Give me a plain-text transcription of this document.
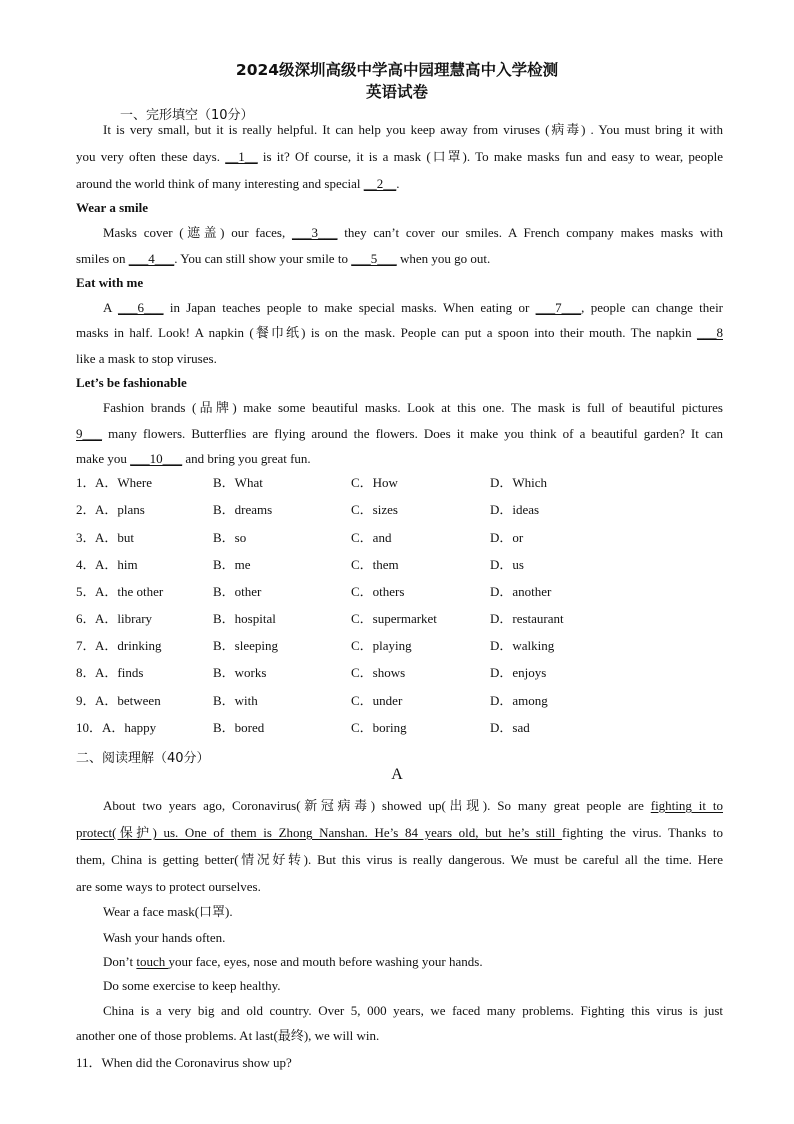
2024级深圳高级中学高中园理慧高中入学检测
英语试卷
一、完形填空（10分）
It is very small, but it is really helpful. It can help you keep away from viruses (病毒) . You must bring it with
you very often these days. __1__ is it? Of course, it is a mask (口罩). To make masks fun and easy to wear, people
around the world think of many interesting and special __2__.
Wear a smile
Masks cover (遮盖) our faces, ___3___ they can’t cover our smiles. A French company makes masks with
smiles on ___4___. You can still show your smile to ___5___ when you go out.
Eat with me
A ___6___ in Japan teaches people to make special masks. When eating or ___7___, people can change their
masks in half. Look! A napkin (餐巾纸) is on the mask. People can put a spoon into their mouth. The napkin ___8
like a mask to stop viruses.
Let’s be fashionable
Fashion brands (品牌) make some beautiful masks. Look at this one. The mask is full of beautiful pictures
9___ many flowers. Butterflies are flying around the flowers. Does it make you think of a beautiful garden? It can
make you ___10___ and bring you great fun.
1． A．Where	B．What	C．How	D．Which
2． A．plans	B．dreams	C．sizes	D．ideas
3． A．but	B．so	C．and	D．or
4． A．him	B．me	C．them	D．us
5． A．the other	B．other	C．others	D．another
6． A．library	B．hospital	C．supermarket	D．restaurant
7． A．drinking	B．sleeping	C．playing	D．walking
8． A．finds	B．works	C．shows	D．enjoys
9． A．between	B．with	C．under	D．among
10． A．happy	B．bored	C．boring	D．sad
二、阅读理解（40分）
A
About two years ago, Coronavirus(新冠病毒) showed up(出现). So many great people are fighting it to
protect(保护) us. One of them is Zhong Nanshan. He’s 84 years old, but he’s still fighting the virus. Thanks to
them, China is getting better(情况好转). But this virus is really dangerous. We must be careful all the time. Here
are some ways to protect ourselves.
Wear a face mask(口罩).
Wash your hands often.
Don’t touch your face, eyes, nose and mouth before washing your hands.
Do some exercise to keep healthy.
China is a very big and old country. Over 5, 000 years, we faced many problems. Fighting this virus is just
another one of those problems. At last(最终), we will win.
11．When did the Coronavirus show up?
